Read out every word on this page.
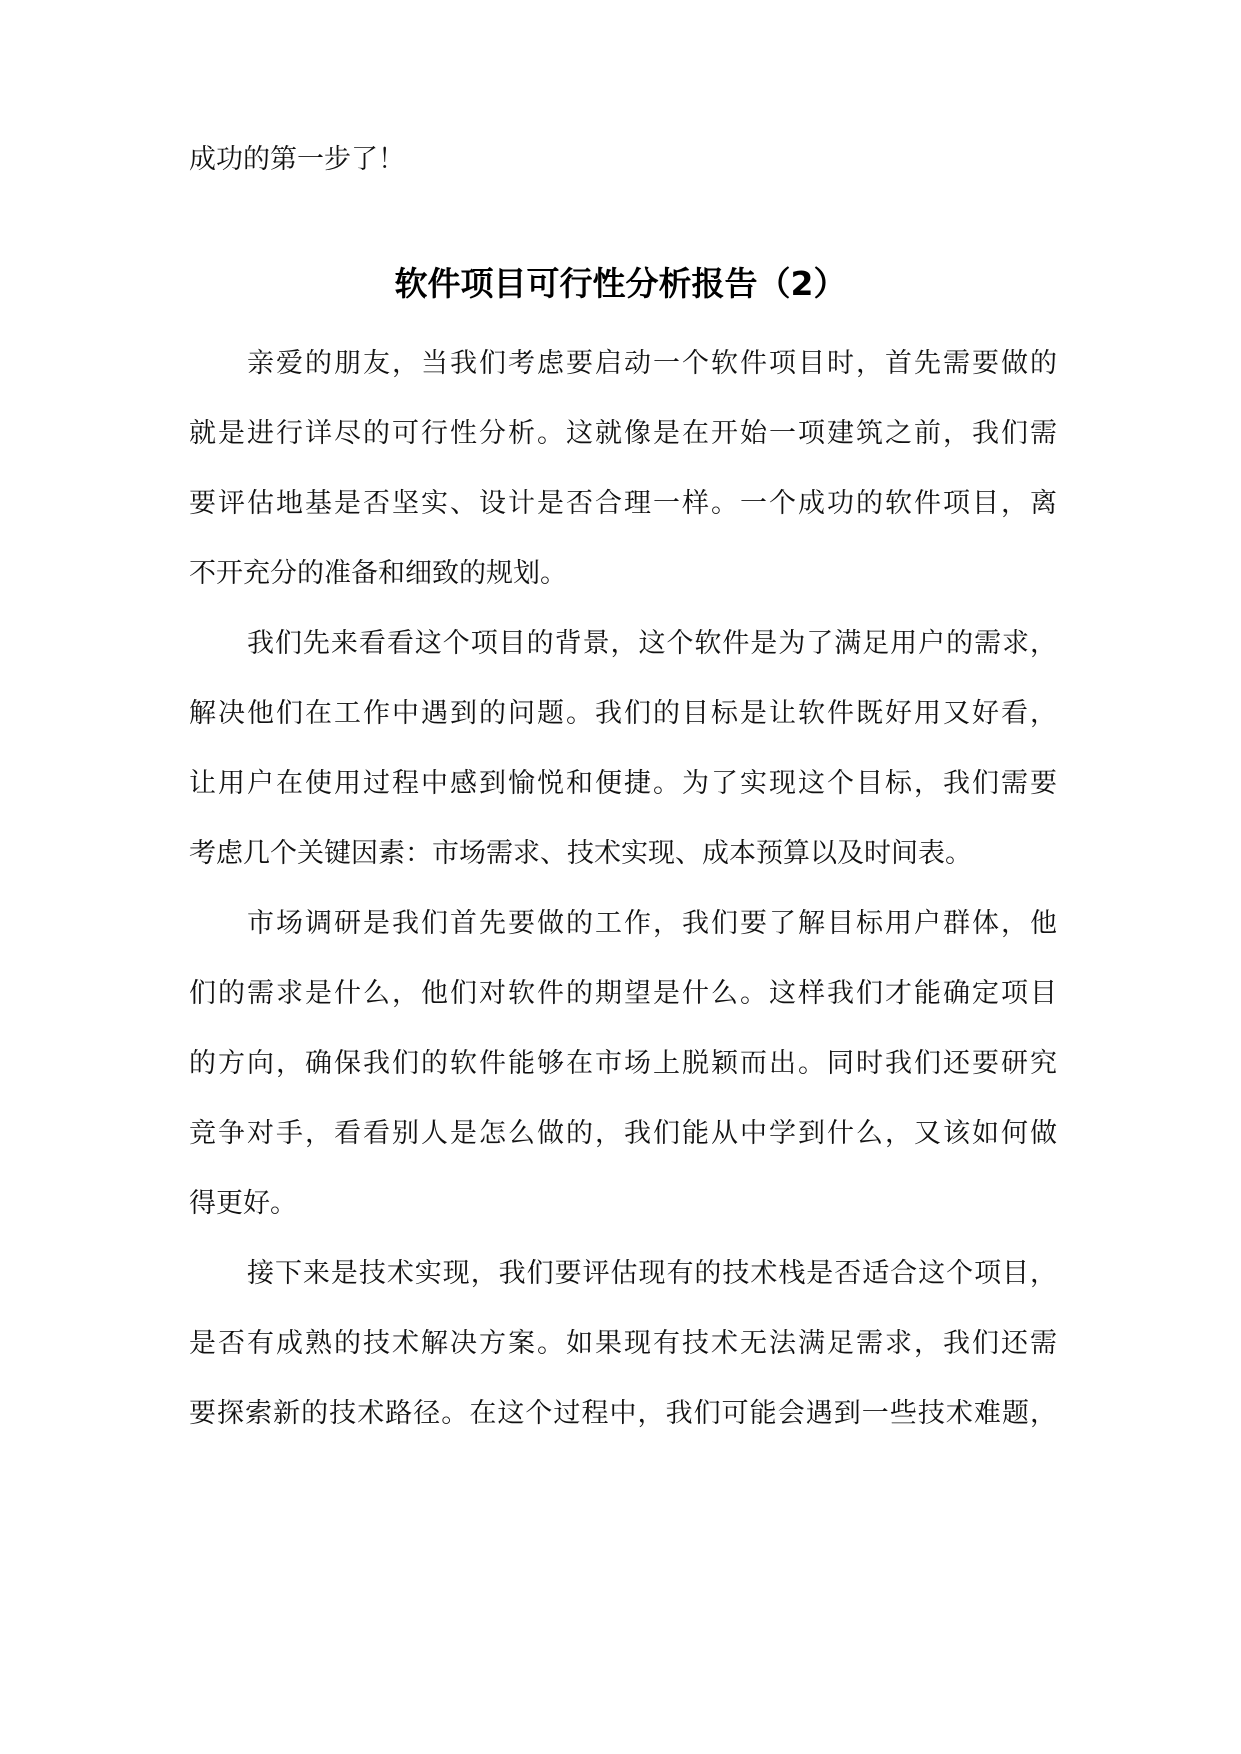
成功的第一步了！
软件项目可行性分析报告（2）
亲爱的朋友，当我们考虑要启动一个软件项目时，首先需要做的
就是进行详尽的可行性分析。这就像是在开始一项建筑之前，我们需
要评估地基是否坚实、设计是否合理一样。一个成功的软件项目，离
不开充分的准备和细致的规划。
我们先来看看这个项目的背景，这个软件是为了满足用户的需求，
解决他们在工作中遇到的问题。我们的目标是让软件既好用又好看，
让用户在使用过程中感到愉悦和便捷。为了实现这个目标，我们需要
考虑几个关键因素：市场需求、技术实现、成本预算以及时间表。
市场调研是我们首先要做的工作，我们要了解目标用户群体，他
们的需求是什么，他们对软件的期望是什么。这样我们才能确定项目
的方向，确保我们的软件能够在市场上脱颖而出。同时我们还要研究
竞争对手，看看别人是怎么做的，我们能从中学到什么，又该如何做
得更好。
接下来是技术实现，我们要评估现有的技术栈是否适合这个项目，
是否有成熟的技术解决方案。如果现有技术无法满足需求，我们还需
要探索新的技术路径。在这个过程中，我们可能会遇到一些技术难题，
